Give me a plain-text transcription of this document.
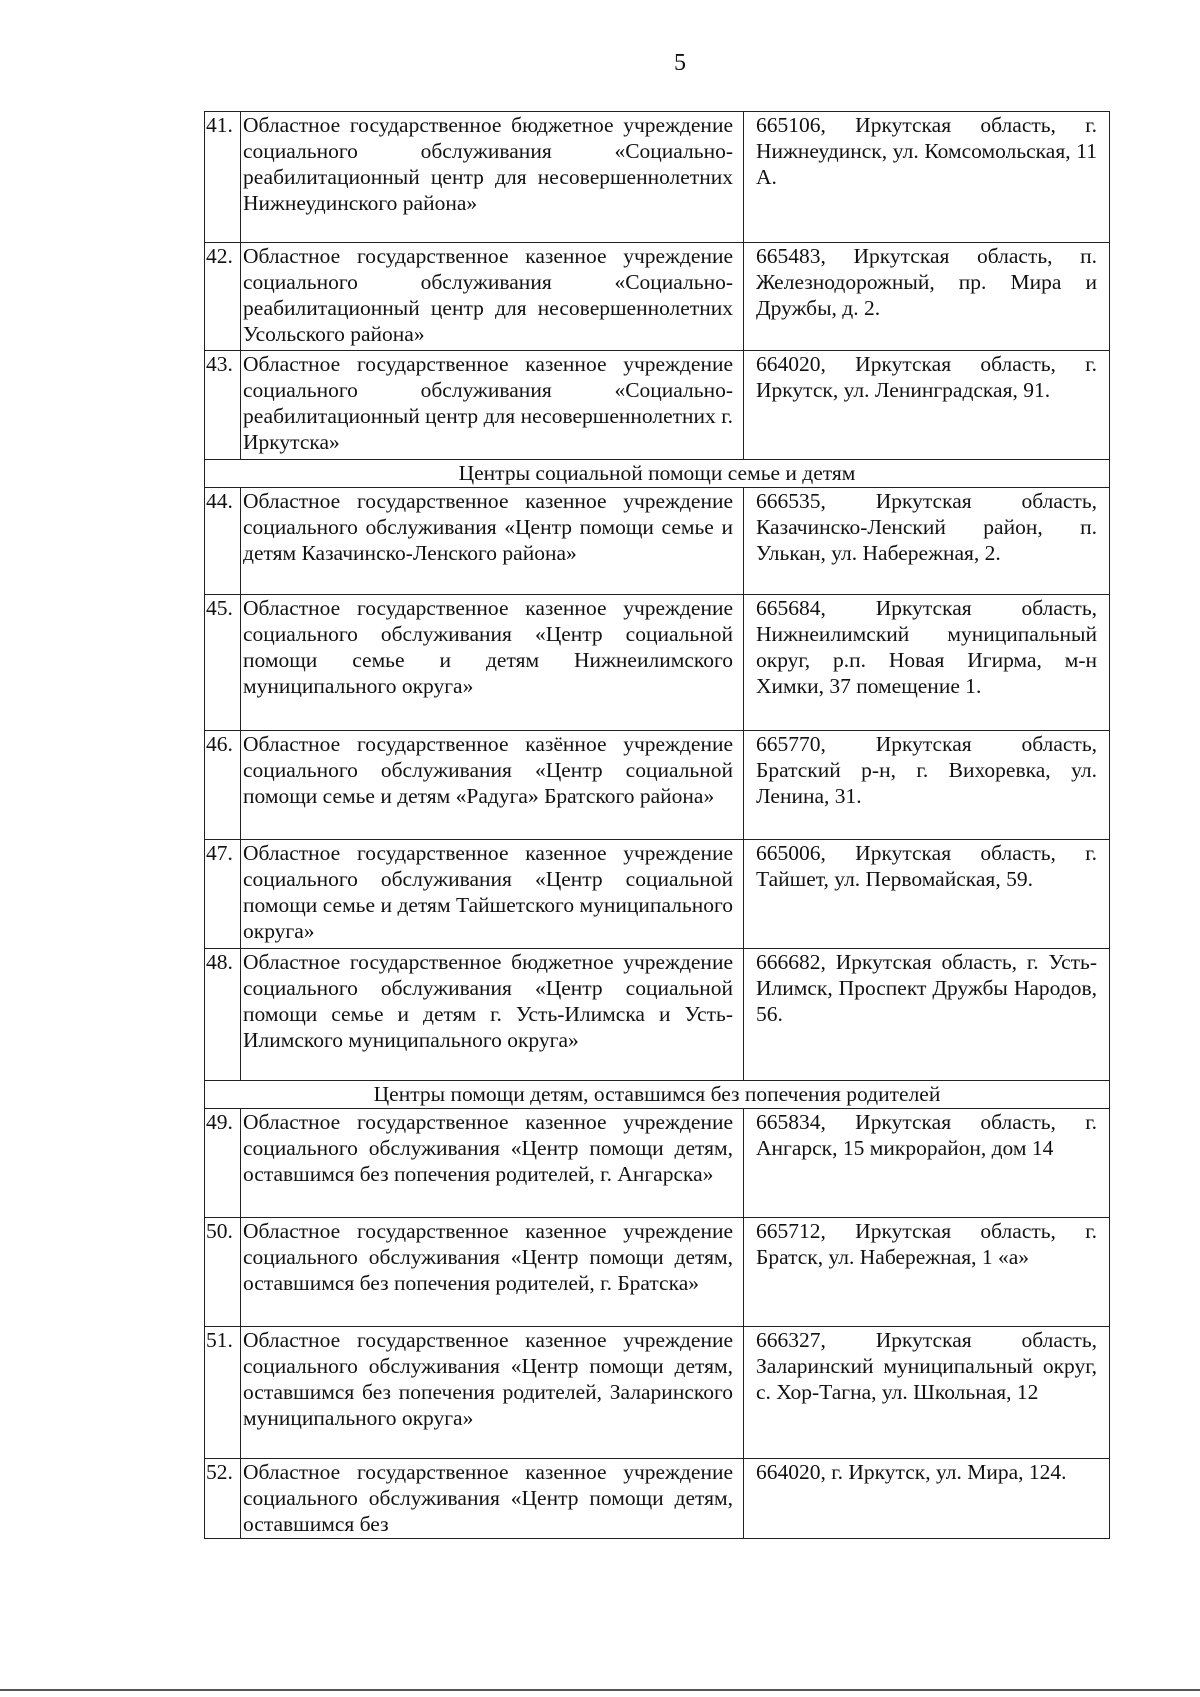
5
41.	Областное государственное бюджетное учреждение социального обслуживания «Социально-реабилитационный центр для несовершеннолетних Нижнеудинского района»	665106, Иркутская область, г. Нижнеудинск, ул. Комсомольская, 11 А.
42.	Областное государственное казенное учреждение социального обслуживания «Социально-реабилитационный центр для несовершеннолетних Усольского района»	665483, Иркутская область, п. Железнодорожный, пр. Мира и Дружбы, д. 2.
43.	Областное государственное казенное учреждение социального обслуживания «Социально-реабилитационный центр для несовершеннолетних г. Иркутска»	664020, Иркутская область, г. Иркутск, ул. Ленинградская, 91.
Центры социальной помощи семье и детям		
44.	Областное государственное казенное учреждение социального обслуживания «Центр помощи семье и детям Казачинско-Ленского района»	666535, Иркутская область, Казачинско-Ленский район, п. Улькан, ул. Набережная, 2.
45.	Областное государственное казенное учреждение социального обслуживания «Центр социальной помощи семье и детям Нижнеилимского муниципального округа»	665684, Иркутская область, Нижнеилимский муниципальный округ, р.п. Новая Игирма, м-н Химки, 37 помещение 1.
46.	Областное государственное казённое учреждение социального обслуживания «Центр социальной помощи семье и детям «Радуга» Братского района»	665770, Иркутская область, Братский р-н, г. Вихоревка, ул. Ленина, 31.
47.	Областное государственное казенное учреждение социального обслуживания «Центр социальной помощи семье и детям Тайшетского муниципального округа»	665006, Иркутская область, г. Тайшет, ул. Первомайская, 59.
48.	Областное государственное бюджетное учреждение социального обслуживания «Центр социальной помощи семье и детям г. Усть-Илимска и Усть-Илимского муниципального округа»	666682, Иркутская область, г. Усть-Илимск, Проспект Дружбы Народов, 56.
Центры помощи детям, оставшимся без попечения родителей		
49.	Областное государственное казенное учреждение социального обслуживания «Центр помощи детям, оставшимся без попечения родителей, г. Ангарска»	665834, Иркутская область, г. Ангарск, 15 микрорайон, дом 14
50.	Областное государственное казенное учреждение социального обслуживания «Центр помощи детям, оставшимся без попечения родителей, г. Братска»	665712, Иркутская область, г. Братск, ул. Набережная, 1 «а»
51.	Областное государственное казенное учреждение социального обслуживания «Центр помощи детям, оставшимся без попечения родителей, Заларинского муниципального округа»	666327, Иркутская область, Заларинский муниципальный округ, с. Хор-Тагна, ул. Школьная, 12
52.	Областное государственное казенное учреждение социального обслуживания «Центр помощи детям, оставшимся без	664020, г. Иркутск, ул. Мира, 124.
